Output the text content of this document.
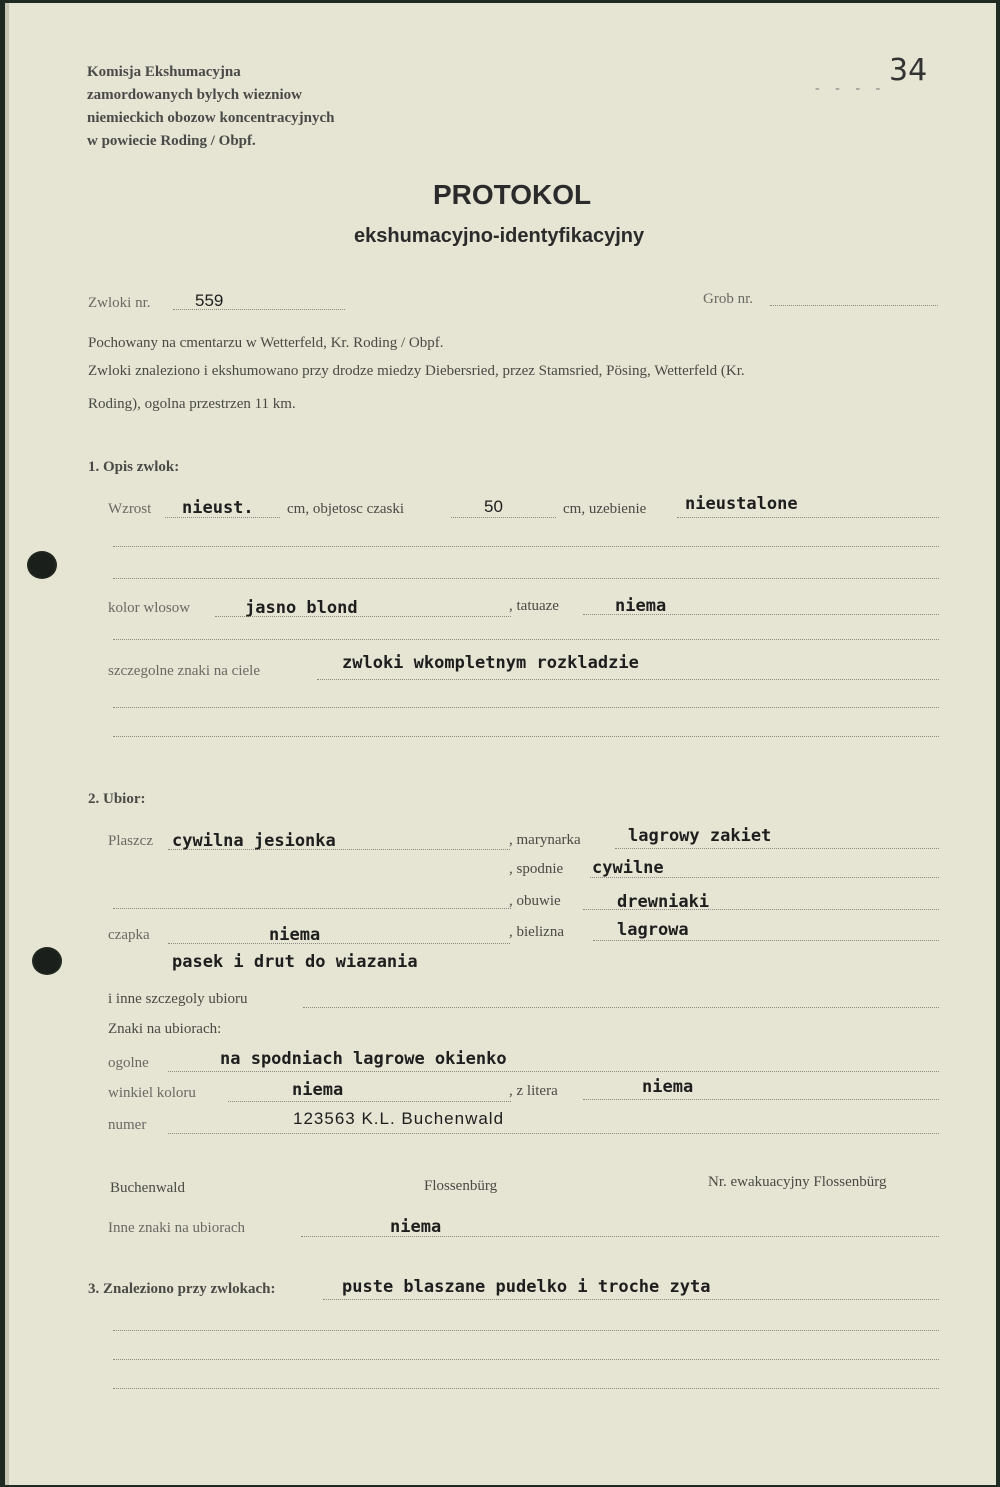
Komisja Ekshumacyjna
zamordowanych bylych wiezniow
niemieckich obozow koncentracyjnych
w powiecie Roding / Obpf.
34
- - - -
PROTOKOL
ekshumacyjno-identyfikacyjny
Zwloki nr.	559	Grob nr.
Pochowany na cmentarzu w Wetterfeld, Kr. Roding / Obpf.
Zwloki znaleziono i ekshumowano przy drodze miedzy Diebersried, przez Stamsried, Pösing, Wetterfeld (Kr.
Roding), ogolna przestrzen 11 km.
1. Opis zwlok:
Wzrost nieust. cm, objetosc czaski	50	cm, uzebienie nieustalone
kolor wlosow	jasno blond	, tatuaze	niema
szczegolne znaki na ciele	zwloki wkompletnym rozkladzie
2. Ubior:
Plaszcz cywilna jesionka	, marynarka	lagrowy zakiet
, spodnie cywilne
, obuwie	drewniaki
czapka	niema	, bielizna	lagrowa
pasek i drut do wiazania
i inne szczegoly ubioru
Znaki na ubiorach:
ogolne	na spodniach lagrowe okienko
winkiel koloru	niema	, z litera	niema
numer	123563 K.L. Buchenwald
Buchenwald	Flossenbürg	Nr. ewakuacyjny Flossenbürg
Inne znaki na ubiorach	niema
3. Znaleziono przy zwlokach:	puste blaszane pudelko i troche zyta
